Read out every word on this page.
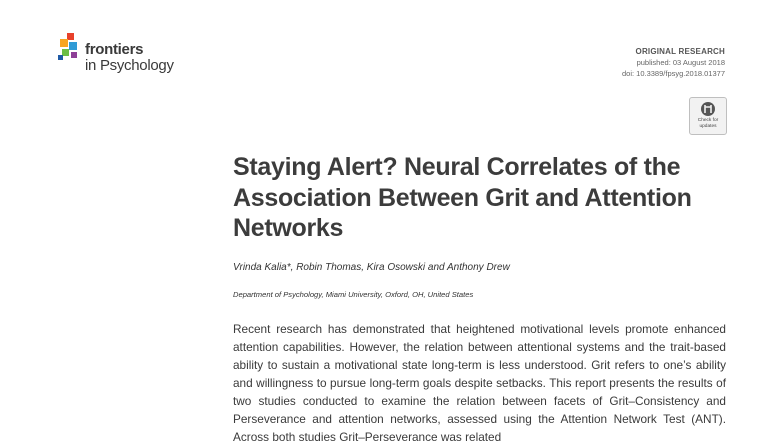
frontiers
in Psychology
ORIGINAL RESEARCH
published: 03 August 2018
doi: 10.3389/fpsyg.2018.01377
Check for
updates
Staying Alert? Neural Correlates of the Association Between Grit and Attention Networks
Vrinda Kalia*, Robin Thomas, Kira Osowski and Anthony Drew
Department of Psychology, Miami University, Oxford, OH, United States

Recent research has demonstrated that heightened motivational levels promote enhanced attention capabilities. However, the relation between attentional systems and the trait-based ability to sustain a motivational state long-term is less understood. Grit refers to one’s ability and willingness to pursue long-term goals despite setbacks. This report presents the results of two studies conducted to examine the relation between facets of Grit–Consistency and Perseverance and attention networks, assessed using the Attention Network Test (ANT). Across both studies Grit–Perseverance was related
